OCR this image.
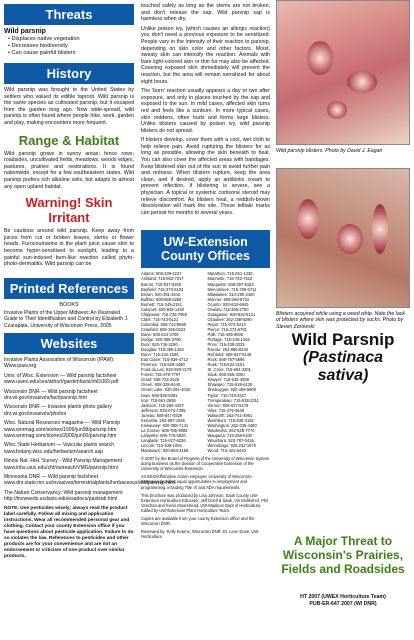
Threats
Wild parsnip
• Displaces native vegetation
• Decreases biodiversity
• Can cause painful blisters
History

Wild parsnip was brought to the United States by settlers who valued its edible taproot. Wild parsnip is the same species as cultivated parsnip, but it escaped from the garden long ago. Now wide-spread, wild parsnip is often found where people hike, work, garden and play, making encounters more frequent.

Range & Habitat

Wild parsnip grows in sunny areas: fence rows, roadsides, uncultivated fields, meadows, woods edges, pastures, prairies and restorations. It is found nationwide, except for a few southeastern states. Wild parsnip prefers rich alkaline soils, but adapts to almost any open upland habitat.

Warning! Skin Irritant

Be cautious around wild parsnip. Keep away from juices from cut or broken leaves, stems or flower heads. Furocoumarins in the plant juice cause skin to become hyper-sensitised to sunlight, leading to a painful sun-induced burn-like reaction called phyto-photo-dermatitis. Wild parsnip can be

Printed References
BOOKS

Invasive Plants of the Upper Midwest: An Illustrated Guide to Their Identification and Control by Elizabeth J. Czarapata, University of Wisconsin Press, 2005

Websites

Invasive Plants Association of Wisconsin (IPAW): Www.ipaw.org

Univ. of Wisc. Extension — Wild parsnip factsheet www.uwex.edu/ces/wihort/gardenfacts/xht1069.pdf

Wisconsin DNR — Wild parsnip factsheet dnr.wi.gov/invasives/fact/parsnip.htm

Wisconsin DNR — Invasive plants photo gallery dnr.wi.gov/invasives/photos

Wisc. Natural Resources magazine — Wild Parsnip www.wnrmag.com/stories/1999/jun99/parsnip.htm www.wnrmag.com/stories/2000/jun00/parsnip.htm

Wisc. State Herbarium — Vascular plants search www.botany.wisc.edu/herbarium/search.asp

Illinois Nat. Hist. Survey - Wild Parsnip Management www.inhs.uiuc.edu/chf/outreach/VMG/parsnip.html

Minnesota DNR — Wild parsnip factsheet www.dnr.state.mn.us/invasives/terrestrialplants/herbaceous/wildparsnip.html

The Nature Conservancy: Wild parsnip management http://tncweeds.ucdavis.edu/esadocs/pastsati.html

NOTE: Use pesticides wisely; always read the product label carefully. Follow all mixing and application instructions. Wear all recommended personal gear and clothing. Contact your county Extension office if you have questions about pesticide application. Failure to do so violates the law. References to pesticides and other products are for your convenience and are not an endorsement or criticism of one product over similar products.

touched safely as long as the stems are not broken, and don't release the sap. Wild parsnip sap is harmless when dry.

Unlike poison ivy, (which causes an allergic reaction) you don't need a previous exposure to be sensitized. People vary in the intensity of their reaction to parsnip, depending on skin color and other factors. Moist, sweaty skin can intensify the reaction. Animals with bare light-colored skin or thin fur may also be affected. Covering exposed skin immediately will prevent the reaction, but the area will remain sensitized for about eight hours.

The 'burn' reaction usually appears a day or two after exposure, and only in places touched by the sap and exposed to the sun. In mild cases, affected skin turns red and feels like a sunburn. In more typical cases, skin reddens, often hurts and forms large blisters. Unlike blisters caused by poison ivy, wild parsnip blisters do not spread.

If blisters develop, cover them with a cool, wet cloth to help relieve pain. Avoid rupturing the blisters for as long as possible, allowing the skin beneath to heal. You can also cover the affected areas with bandages. Keep blistered skin out of the sun to avoid further pain and redness. When blisters rupture, keep the area clean, and if desired, apply an antibiotic cream to prevent infection. If blistering is severe, see a physician. A topical or systemic cortisone steroid may relieve discomfort. As blisters heal, a reddish-brown discoloration will mark the site. These telltale marks can persist for months to several years.

UW-Extension County Offices
Adams: 608-339-4237
Ashland: 715-682-7017
Barron: 715-537-6250
Bayfield: 715-373-6104
Brown: 920-391-4610
Buffalo: 608-685-6256
Burnett: 715-349-2151
Calumet: 920-849-1450
Chippewa: 715-726-7950
Clark: 715-743-5121
Columbia: 608-742-9680
Crawford: 608-326-0223
Dane: 608-224-3700
Dodge: 920-386-3790
Door: 920-746-2260
Douglas: 715-395-1363
Dunn: 715-232-1636
Eau Claire: 715-839-4712
Florence: 715-528-4480
Fond du Lac: 920-929-3170
Forest: 715-478-7797
Grant: 608-723-2125
Green: 608-328-9440
Green Lake: 920-294-4032
Iowa: 608-935-0391
Iron: 715-561-2695
Jackson: 715-284-4257
Jefferson: 920-674-7295
Juneau: 608-847-9329
Kenosha: 262-857-1945
Kewaunee: 920-388-7141
La Crosse: 608-785-9593
Lafayette: 608-776-4820
Langlade: 715-627-6236
Lincoln: 715-539-1094
Manitowoc: 920-683-4168
Marathon: 715-261-1230
Marinette: 715-732-7510
Marquette: 608-297-9153
Menominee: 715-799-5711
Milwaukee: 414-290-2400
Monroe: 608-269-8722
Oconto: 920-834-6845
Oneida: 715-365-2750
Outagamie: 920-832-5121
Ozaukee: 262-238-8290
Pepin: 715-672-5214
Pierce: 715-273-6781
Polk: 715-485-8600
Portage: 715-346-1316
Price: 715-339-3325
Racine: 262-886-8440
Richland: 608-647-6148
Rock: 608-757-5696
Rusk: 715-532-2151
St. Croix: 715-684-3301
Sauk: 608-355-3250
Sawyer: 715-634-4839
Shawano: 715-526-6136
Sheboygan: 920-459-5900
Taylor: 715-748-3327
Trempealeau: 715-538-2311
Vernon: 608-637-5276
Vilas: 715-479-3648
Walworth: 262-741-4951
Washburn: 715-635-3192
Washington: 262-335-4480
Waukesha: 262-548-7770
Waupaca: 715-258-6230
Waushara: 920-787-0416
Winnebago: 920-232-1970
Wood: 715-421-8440

© 2007 by the Board of Regents of the University of Wisconsin System doing business as the division of Cooperative Extension of the University of Wisconsin-Extension.

An EEO/Affirmative Action employer, University of Wisconsin-Extension provides equal opportunities in employment and programming, including Title IX and ADA requirements.

This brochure was produced by Lisa Johnson, Sauk County UW-Extension Horticulture Educator, Jeff Doell & Sauk, Vin Mollenhof, Phil Vanchan and Kevin Moorehead, UW-Madison Dept of Horticulture. Edited by UW-Extension Plant Horticulture Team.

Copies are available from your county Extension office and the Wisconsin DNR.

Reviewed by: Kelly Kearns, Wisconsin DNR, Dr. Leon Dove, UW-Horticulture

Wild parsnip blisters. Photo by David J. Eagan
Blisters acquired while using a weed whip. Note the lack of blisters where skin was protected by socks. Photo by Steven Zorowski
Wild Parsnip
(Pastinaca sativa)
A Major Threat to Wisconsin's Prairies, Fields and Roadsides
HT 2007 (UWEX Horticulture Team)
PUB-ER-647 2007 (WI DNR)
